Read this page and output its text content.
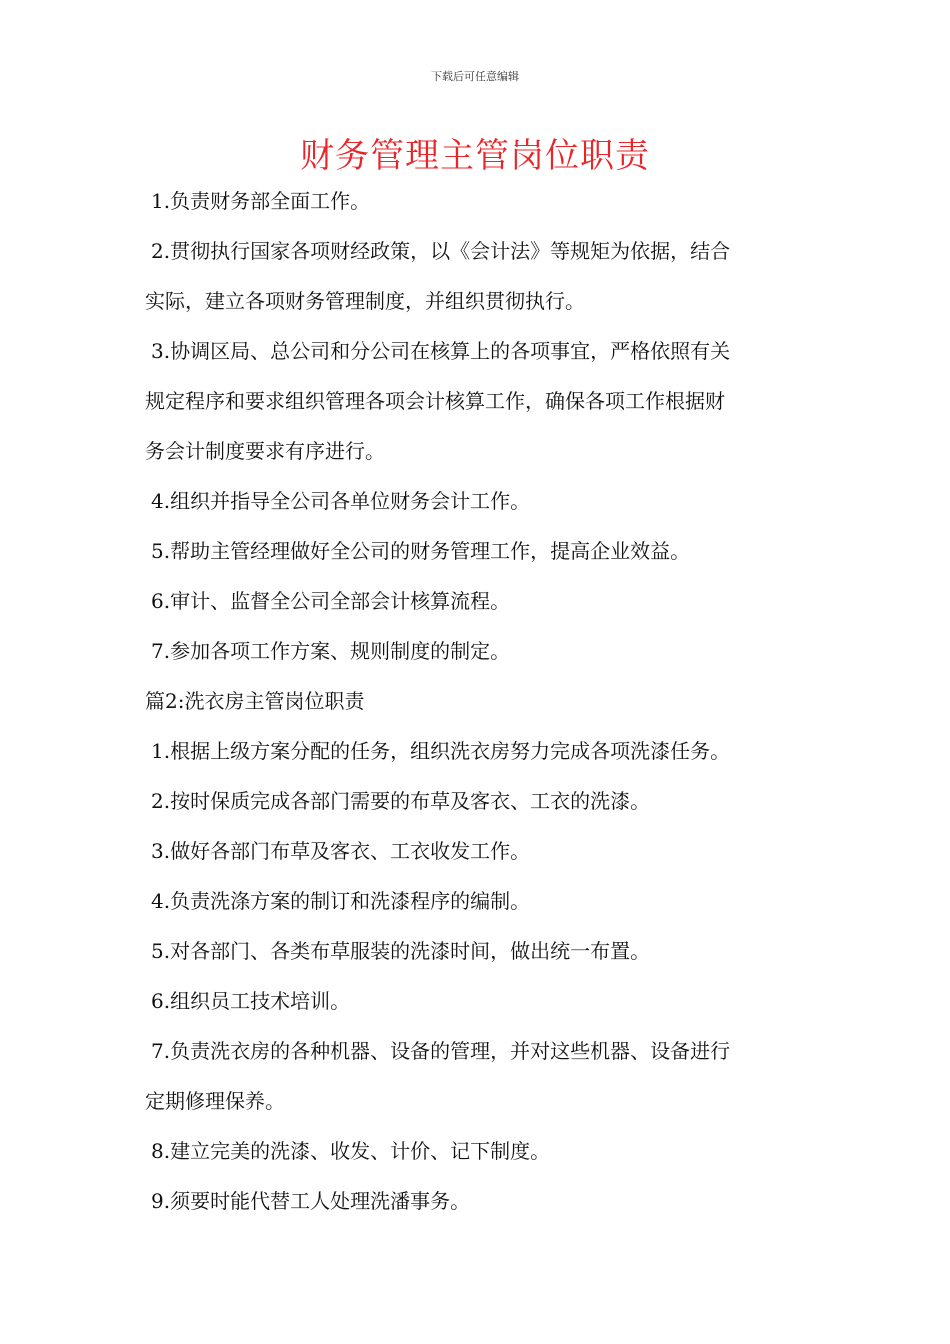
下载后可任意编辑
财务管理主管岗位职责

1.负责财务部全面工作。

2.贯彻执行国家各项财经政策，以《会计法》等规矩为依据，结合

实际，建立各项财务管理制度，并组织贯彻执行。

3.协调区局、总公司和分公司在核算上的各项事宜，严格依照有关

规定程序和要求组织管理各项会计核算工作，确保各项工作根据财

务会计制度要求有序进行。

4.组织并指导全公司各单位财务会计工作。

5.帮助主管经理做好全公司的财务管理工作，提高企业效益。

6.审计、监督全公司全部会计核算流程。

7.参加各项工作方案、规则制度的制定。

篇2:洗衣房主管岗位职责

1.根据上级方案分配的任务，组织洗衣房努力完成各项洗漆任务。

2.按时保质完成各部门需要的布草及客衣、工衣的洗漆。

3.做好各部门布草及客衣、工衣收发工作。

4.负责洗涤方案的制订和洗漆程序的编制。

5.对各部门、各类布草服装的洗漆时间，做出统一布置。

6.组织员工技术培训。

7.负责洗衣房的各种机器、设备的管理，并对这些机器、设备进行

定期修理保养。

8.建立完美的洗漆、收发、计价、记下制度。

9.须要时能代替工人处理洗潘事务。
